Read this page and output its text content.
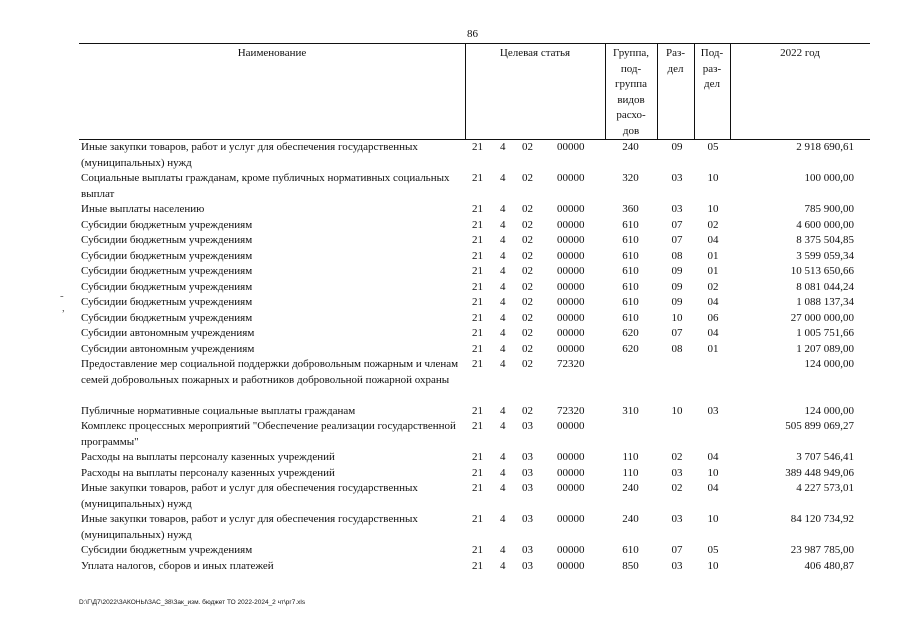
86
Наименование	Целевая статья	Группа,
под-
группа
видов
расхо-
дов
Раз-
дел
Под-
раз-
дел
2022 год
Иные закупки товаров, работ и услуг для обеспечения государственных (муниципальных) нужд
21 4 02 00000	240	09	05	2 918 690,61
Социальные выплаты гражданам, кроме публичных нормативных социальных выплат
21 4 02 00000	320	03	10	100 000,00
Иные выплаты населению	21 4 02 00000	360	03	10	785 900,00
Субсидии бюджетным учреждениям	21 4 02 00000	610	07	02	4 600 000,00
Субсидии бюджетным учреждениям	21 4 02 00000	610	07	04	8 375 504,85
Субсидии бюджетным учреждениям	21 4 02 00000	610	08	01	3 599 059,34
Субсидии бюджетным учреждениям	21 4 02 00000	610	09	01	10 513 650,66
Субсидии бюджетным учреждениям	21 4 02 00000	610	09	02	8 081 044,24
Субсидии бюджетным учреждениям	21 4 02 00000	610	09	04	1 088 137,34
Субсидии бюджетным учреждениям	21 4 02 00000	610	10	06	27 000 000,00
Субсидии автономным учреждениям	21 4 02 00000	620	07	04	1 005 751,66
Субсидии автономным учреждениям	21 4 02 00000	620	08	01	1 207 089,00
Предоставление мер социальной поддержки добровольным пожарным и членам семей добровольных пожарных и работников добровольной пожарной охраны
21 4 02 72320	124 000,00
Публичные нормативные социальные выплаты гражданам	21 4 02 72320	310	10	03	124 000,00
Комплекс процессных мероприятий "Обеспечение реализации государственной программы"
21 4 03 00000	505 899 069,27
Расходы на выплаты персоналу казенных учреждений	21 4 03 00000	110	02	04	3 707 546,41
Расходы на выплаты персоналу казенных учреждений	21 4 03 00000	110	03	10	389 448 949,06
Иные закупки товаров, работ и услуг для обеспечения государственных (муниципальных) нужд
21 4 03 00000	240	02	04	4 227 573,01
Иные закупки товаров, работ и услуг для обеспечения государственных (муниципальных) нужд
21 4 03 00000	240	03	10	84 120 734,92
Субсидии бюджетным учреждениям	21 4 03 00000	610	07	05	23 987 785,00
Уплата налогов, сборов и иных платежей	21 4 03 00000	850	03	10	406 480,87
D:\Г\Д7\2022\ЗАКОНЫ\ЗАС_38\Зак_изм. бюджет ТО 2022-2024_2 чт\рг7.xls
-
,
